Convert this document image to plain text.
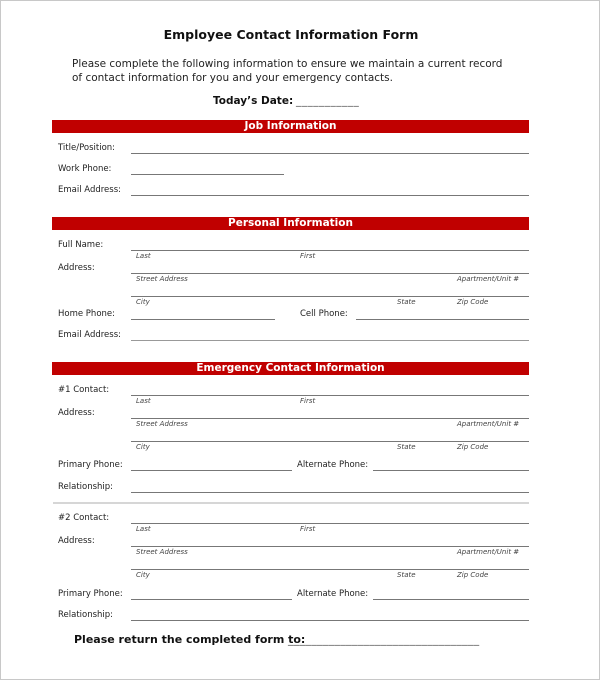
Employee Contact Information Form
Please complete the following information to ensure we maintain a current record of contact information for you and your emergency contacts.
Today’s Date: ___________
Job Information
Title/Position:
Work Phone:
Email Address:
Personal Information
Full Name:
Last	First
Address:
Street Address	Apartment/Unit #
City	State	Zip Code
Home Phone:	Cell Phone:
Email Address:
Emergency Contact Information
#1 Contact:
Last	First
Address:
Street Address	Apartment/Unit #
City	State	Zip Code
Primary Phone:	Alternate Phone:
Relationship:
#2 Contact:
Last	First
Address:
Street Address	Apartment/Unit #
City	State	Zip Code
Primary Phone:	Alternate Phone:
Relationship:
Please return the completed form to:
_________________________________
